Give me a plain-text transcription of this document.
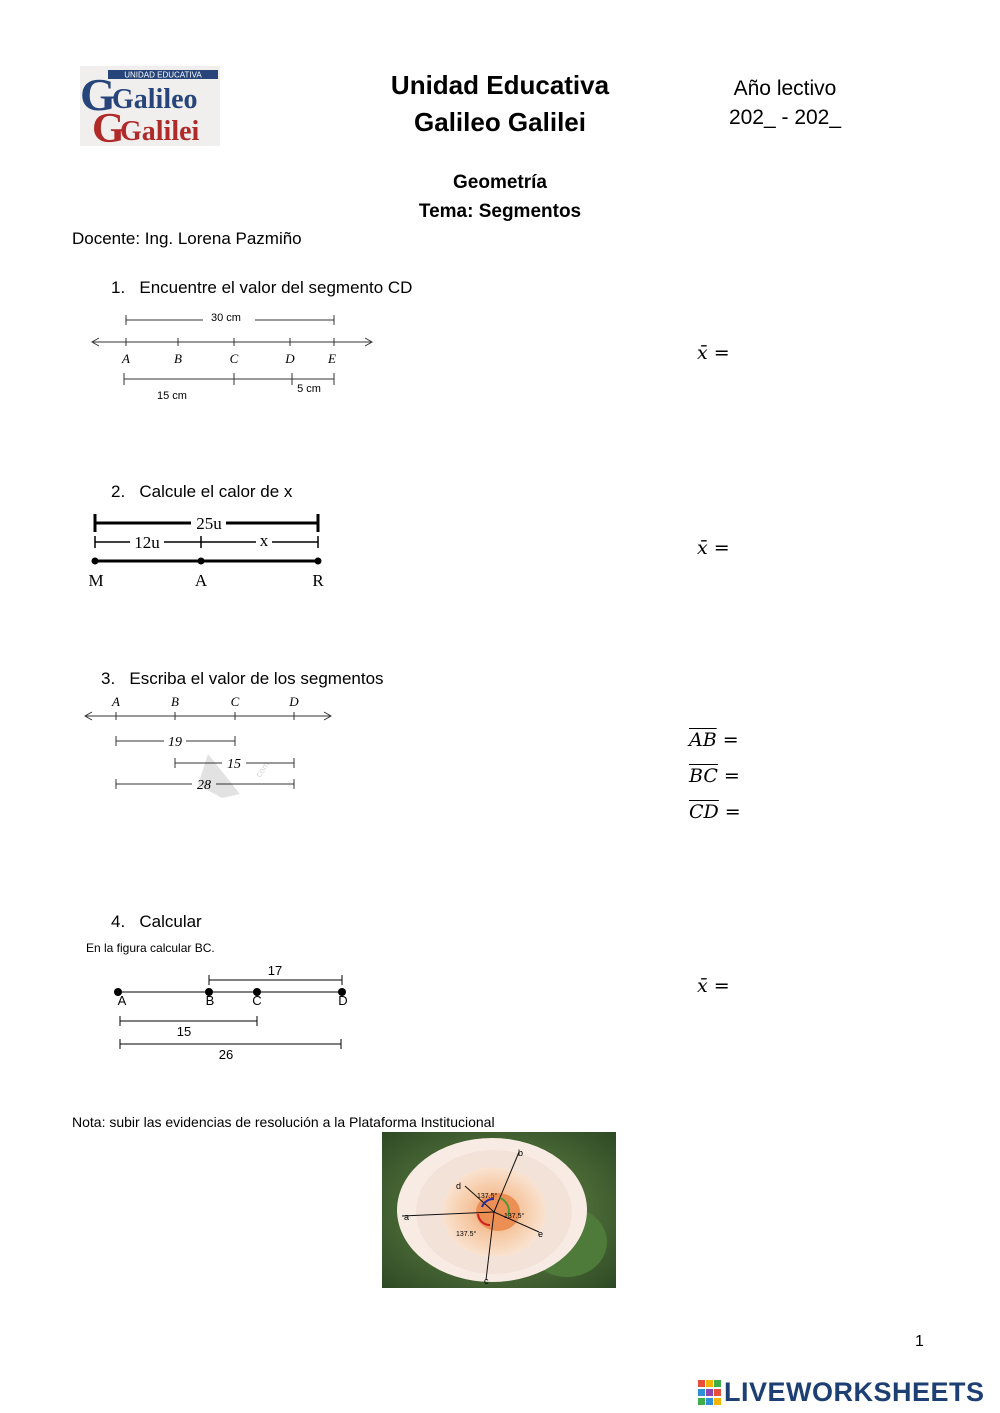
UNIDAD EDUCATIVA
G
Galileo
G
Galilei
Unidad Educativa
Galileo Galilei
Año lectivo
202_ - 202_
Geometría
Tema: Segmentos
Docente: Ing. Lorena Pazmiño
1. Encuentre el valor del segmento CD
30 cm
A	B	C	D	E
15 cm
5 cm
x̄ =
2. Calcule el calor de x
25u
12u	x
M	A	R
x̄ =
3. Escriba el valor de los segmentos
com
A	B	C	D
19
15
28
$\overline{AB}$ =
$\overline{BC}$ =
$\overline{CD}$ =
4. Calcular
En la figura calcular BC.
17
A	B	C	D
15
26
x̄ =
Nota: subir las evidencias de resolución a la Plataforma Institucional
a
b
c
d
e
137.5°
137.5°
137.5°
1
LIVEWORKSHEETS
